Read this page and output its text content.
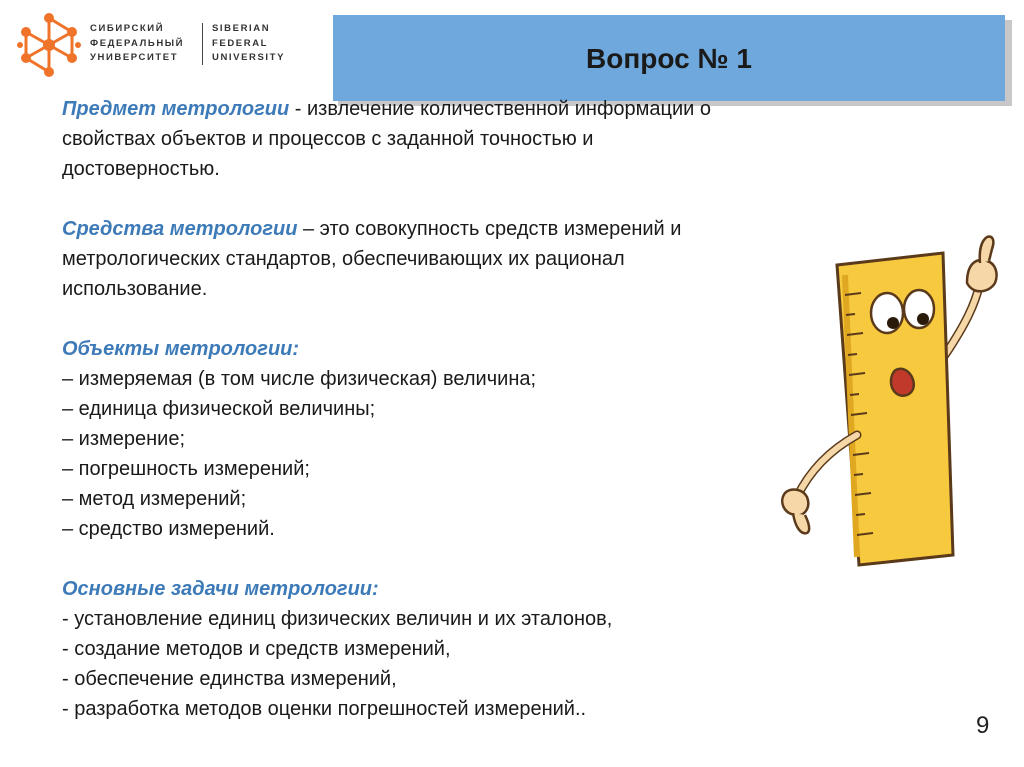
СИБИРСКИЙ
ФЕДЕРАЛЬНЫЙ
УНИВЕРСИТЕТ
SIBERIAN
FEDERAL
UNIVERSITY	Вопрос № 1
Предмет метрологии - извлечение количественной информации о
свойствах объектов и процессов с заданной точностью и
достоверностью.
Средства метрологии – это совокупность средств измерений и
метрологических стандартов, обеспечивающих их рационал
использование.
Объекты метрологии:
– измеряемая (в том числе физическая) величина;
– единица физической величины;
– измерение;
– погрешность измерений;
– метод измерений;
– средство измерений.
Основные задачи метрологии:
- установление единиц физических величин и их эталонов,
- создание методов и средств измерений,
- обеспечение единства измерений,
- разработка методов оценки погрешностей измерений..
9
